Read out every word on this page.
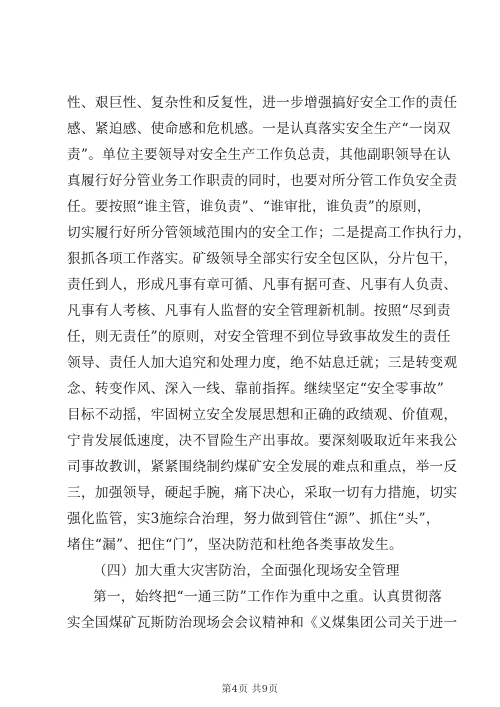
性、艰巨性、复杂性和反复性，进一步增强搞好安全工作的责任
感、紧迫感、使命感和危机感。一是认真落实安全生产“一岗双
责”。单位主要领导对安全生产工作负总责，其他副职领导在认
真履行好分管业务工作职责的同时，也要对所分管工作负安全责
任。要按照“谁主管，谁负责”、“谁审批，谁负责”的原则，
切实履行好所分管领域范围内的安全工作；二是提高工作执行力，
狠抓各项工作落实。矿级领导全部实行安全包区队，分片包干，
责任到人，形成凡事有章可循、凡事有据可查、凡事有人负责、
凡事有人考核、凡事有人监督的安全管理新机制。按照“尽到责
任，则无责任”的原则，对安全管理不到位导致事故发生的责任
领导、责任人加大追究和处理力度，绝不姑息迁就；三是转变观
念、转变作风、深入一线、靠前指挥。继续坚定“安全零事故”
目标不动摇，牢固树立安全发展思想和正确的政绩观、价值观，
宁肯发展低速度，决不冒险生产出事故。要深刻吸取近年来我公
司事故教训，紧紧围绕制约煤矿安全发展的难点和重点，举一反
三，加强领导，硬起手腕，痛下决心，采取一切有力措施，切实
强化监管，实3施综合治理，努力做到管住“源”、抓住“头”，
堵住“漏”、把住“门”，坚决防范和杜绝各类事故发生。
（四）加大重大灾害防治，全面强化现场安全管理
第一，始终把“一通三防”工作作为重中之重。认真贯彻落
实全国煤矿瓦斯防治现场会会议精神和《义煤集团公司关于进一
第4页 共9页
